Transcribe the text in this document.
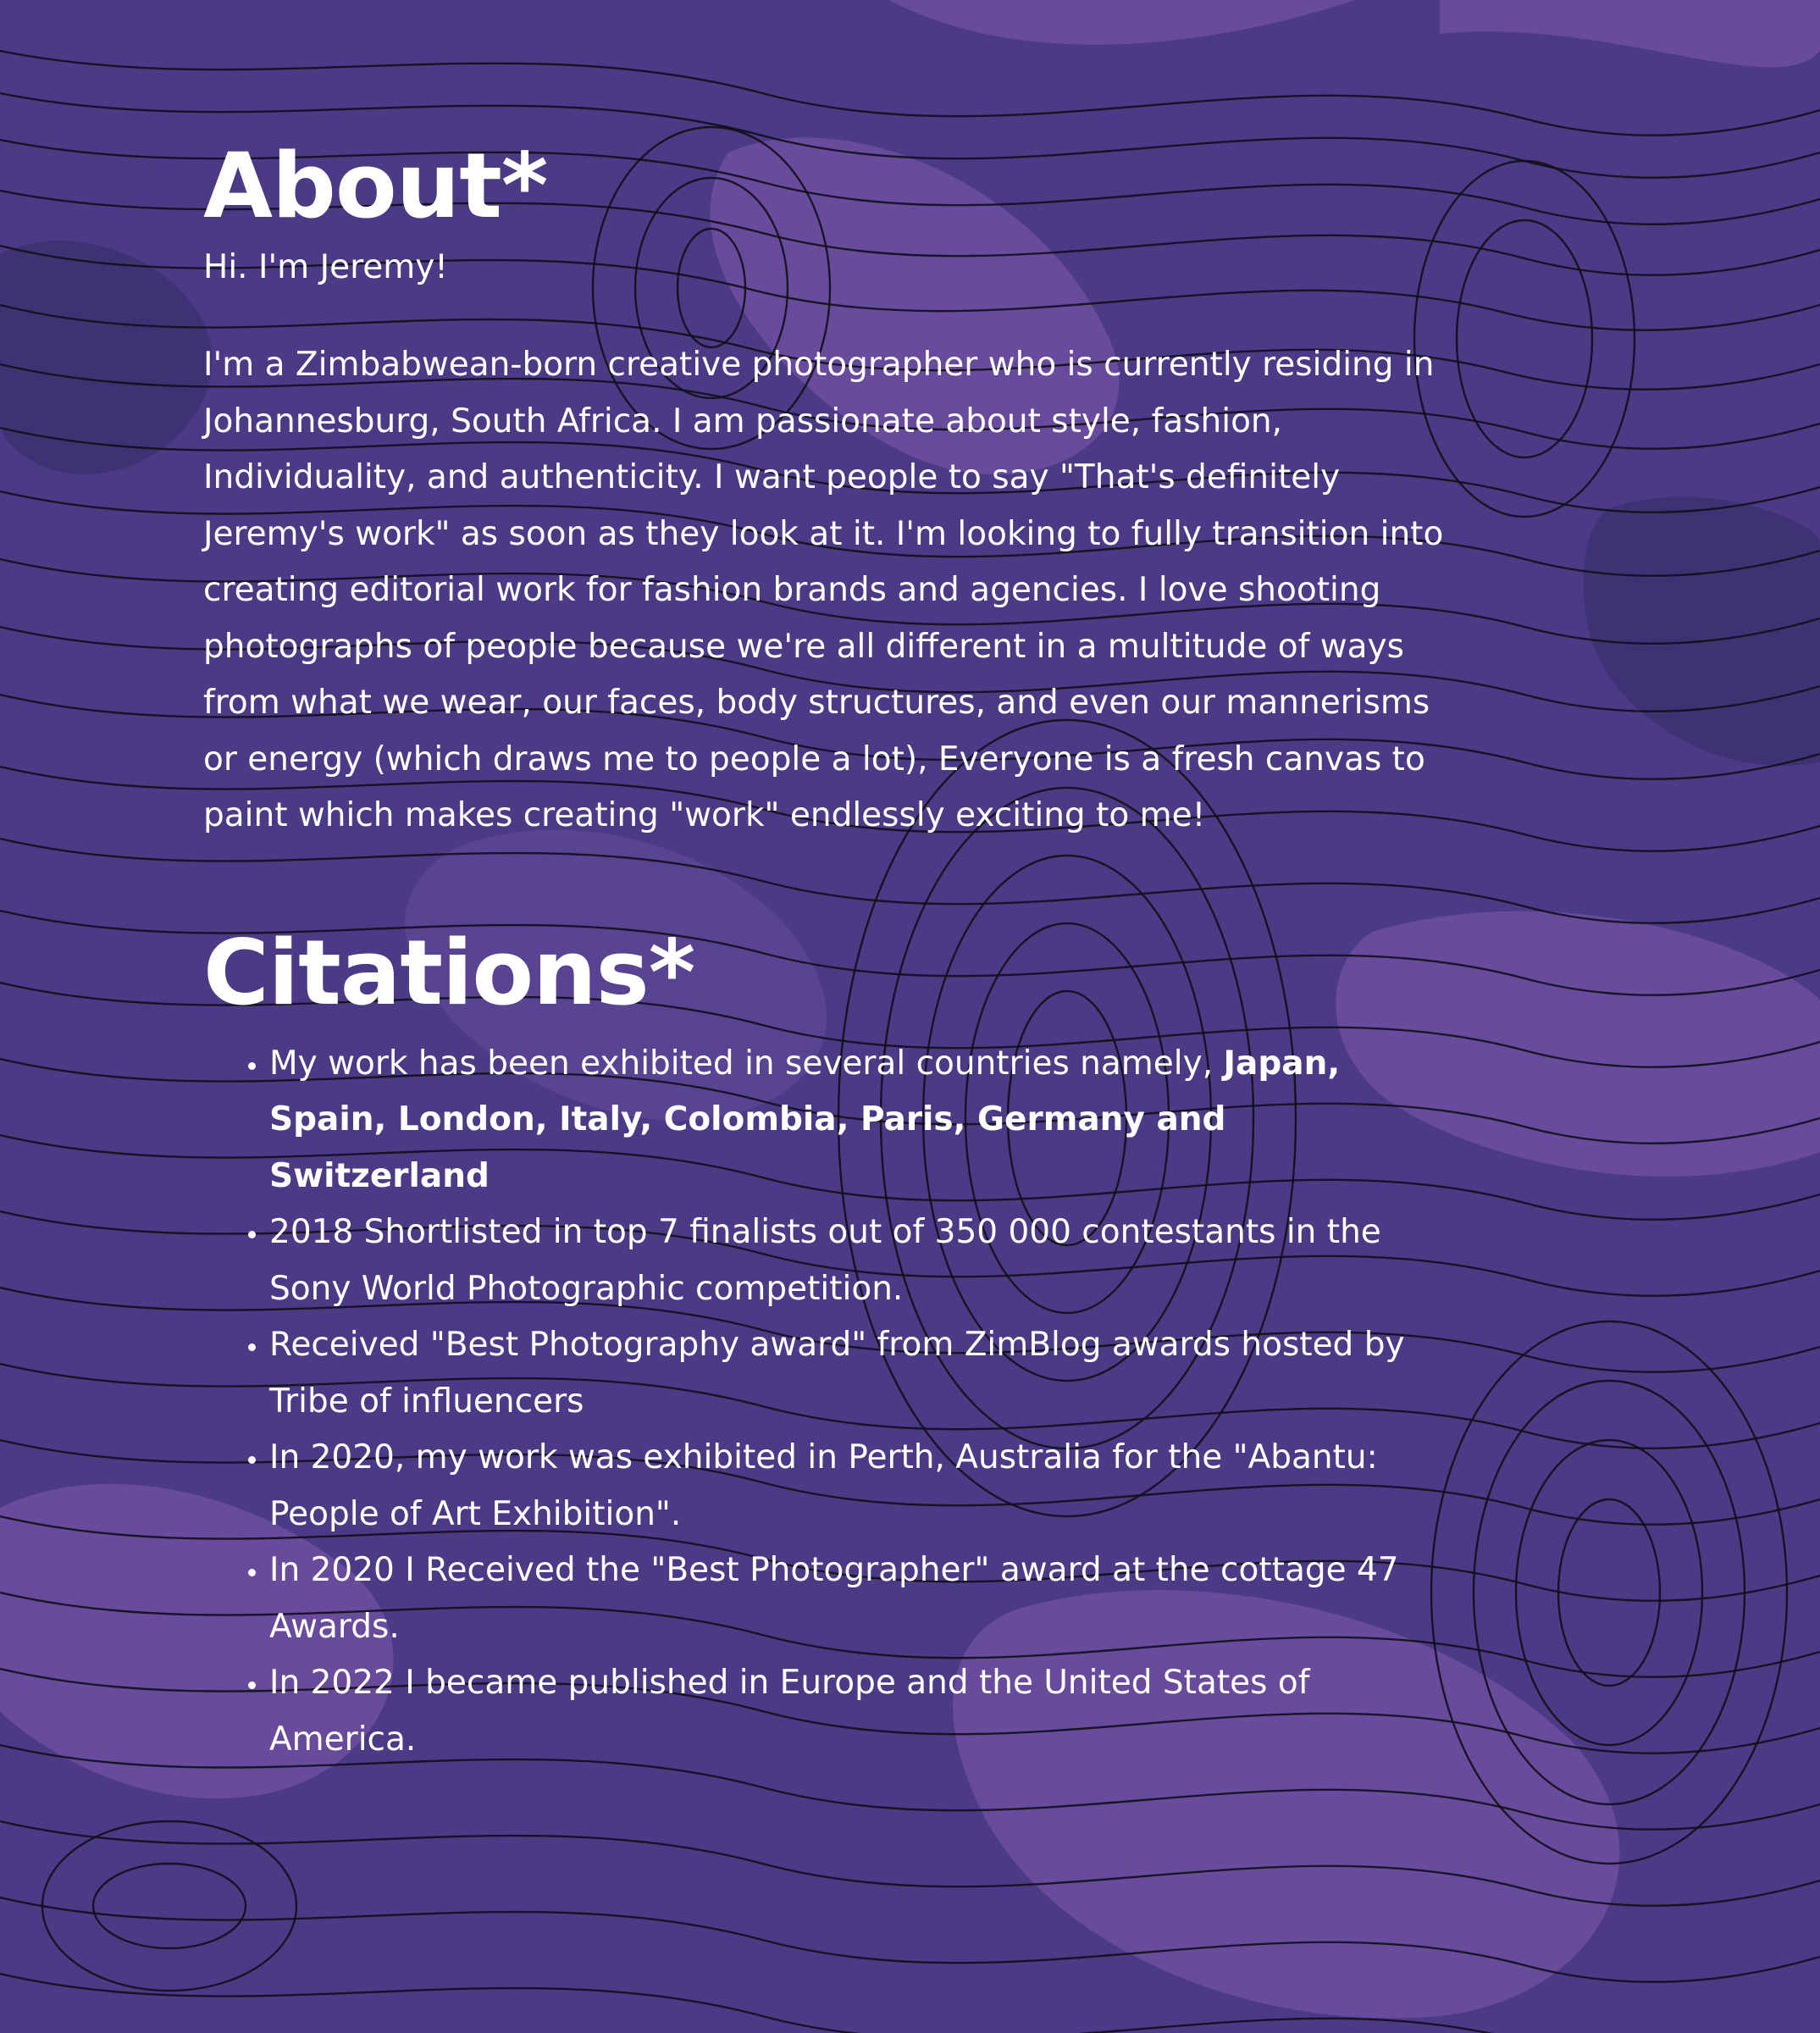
About*

Hi. I'm Jeremy!

I'm a Zimbabwean-born creative photographer who is currently residing in Johannesburg, South Africa. I am passionate about style, fashion, Individuality, and authenticity. I want people to say "That's definitely Jeremy's work" as soon as they look at it. I'm looking to fully transition into creating editorial work for fashion brands and agencies. I love shooting photographs of people because we're all different in a multitude of ways from what we wear, our faces, body structures, and even our mannerisms or energy (which draws me to people a lot), Everyone is a fresh canvas to paint which makes creating "work" endlessly exciting to me!

Citations*
• My work has been exhibited in several countries namely, Japan, Spain, London, Italy, Colombia, Paris, Germany and Switzerland
• 2018 Shortlisted in top 7 finalists out of 350 000 contestants in the Sony World Photographic competition.
• Received "Best Photography award" from ZimBlog awards hosted by Tribe of influencers
• In 2020, my work was exhibited in Perth, Australia for the "Abantu: People of Art Exhibition".
• In 2020 I Received the "Best Photographer" award at the cottage 47 Awards.
• In 2022 I became published in Europe and the United States of America.
